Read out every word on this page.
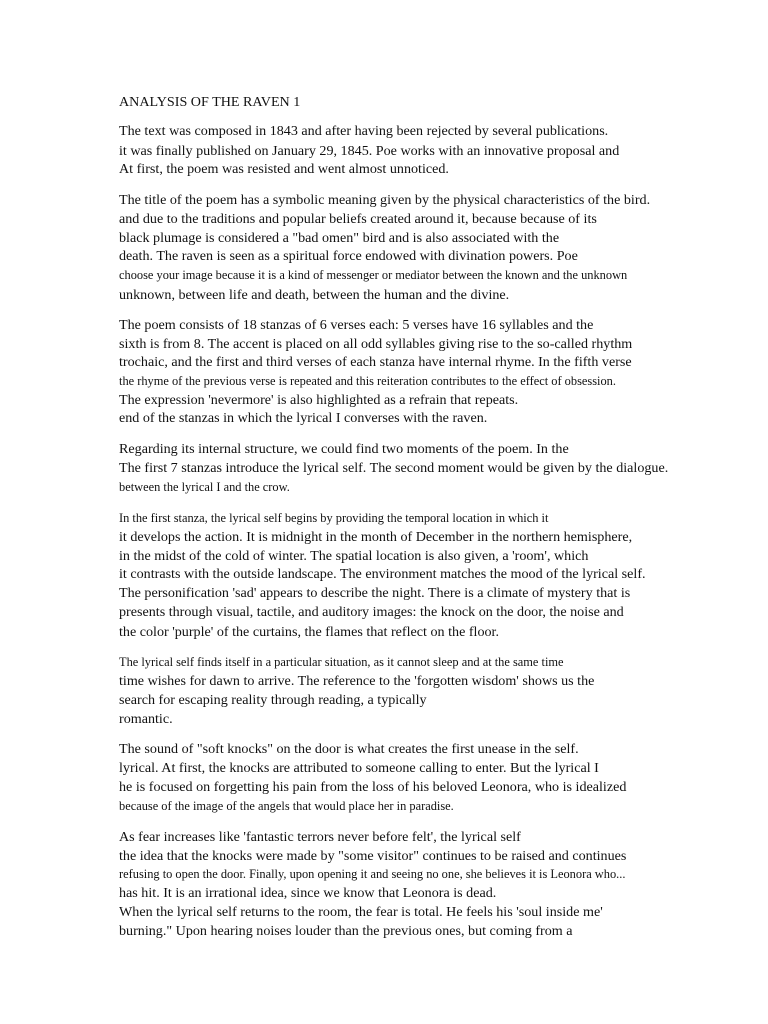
ANALYSIS OF THE RAVEN 1
The text was composed in 1843 and after having been rejected by several publications.
it was finally published on January 29, 1845. Poe works with an innovative proposal and
At first, the poem was resisted and went almost unnoticed.
The title of the poem has a symbolic meaning given by the physical characteristics of the bird.
and due to the traditions and popular beliefs created around it, because because of its
black plumage is considered a "bad omen" bird and is also associated with the
death. The raven is seen as a spiritual force endowed with divination powers. Poe
choose your image because it is a kind of messenger or mediator between the known and the unknown
unknown, between life and death, between the human and the divine.
The poem consists of 18 stanzas of 6 verses each: 5 verses have 16 syllables and the
sixth is from 8. The accent is placed on all odd syllables giving rise to the so-called rhythm
trochaic, and the first and third verses of each stanza have internal rhyme. In the fifth verse
the rhyme of the previous verse is repeated and this reiteration contributes to the effect of obsession.
The expression 'nevermore' is also highlighted as a refrain that repeats.
end of the stanzas in which the lyrical I converses with the raven.
Regarding its internal structure, we could find two moments of the poem. In the
The first 7 stanzas introduce the lyrical self. The second moment would be given by the dialogue.
between the lyrical I and the crow.
In the first stanza, the lyrical self begins by providing the temporal location in which it
it develops the action. It is midnight in the month of December in the northern hemisphere,
in the midst of the cold of winter. The spatial location is also given, a 'room', which
it contrasts with the outside landscape. The environment matches the mood of the lyrical self.
The personification 'sad' appears to describe the night. There is a climate of mystery that is
presents through visual, tactile, and auditory images: the knock on the door, the noise and
the color 'purple' of the curtains, the flames that reflect on the floor.
The lyrical self finds itself in a particular situation, as it cannot sleep and at the same time
time wishes for dawn to arrive. The reference to the 'forgotten wisdom' shows us the
search for escaping reality through reading, a typically
romantic.
The sound of "soft knocks" on the door is what creates the first unease in the self.
lyrical. At first, the knocks are attributed to someone calling to enter. But the lyrical I
he is focused on forgetting his pain from the loss of his beloved Leonora, who is idealized
because of the image of the angels that would place her in paradise.
As fear increases like 'fantastic terrors never before felt', the lyrical self
the idea that the knocks were made by "some visitor" continues to be raised and continues
refusing to open the door. Finally, upon opening it and seeing no one, she believes it is Leonora who...
has hit. It is an irrational idea, since we know that Leonora is dead.
When the lyrical self returns to the room, the fear is total. He feels his 'soul inside me'
burning." Upon hearing noises louder than the previous ones, but coming from a
